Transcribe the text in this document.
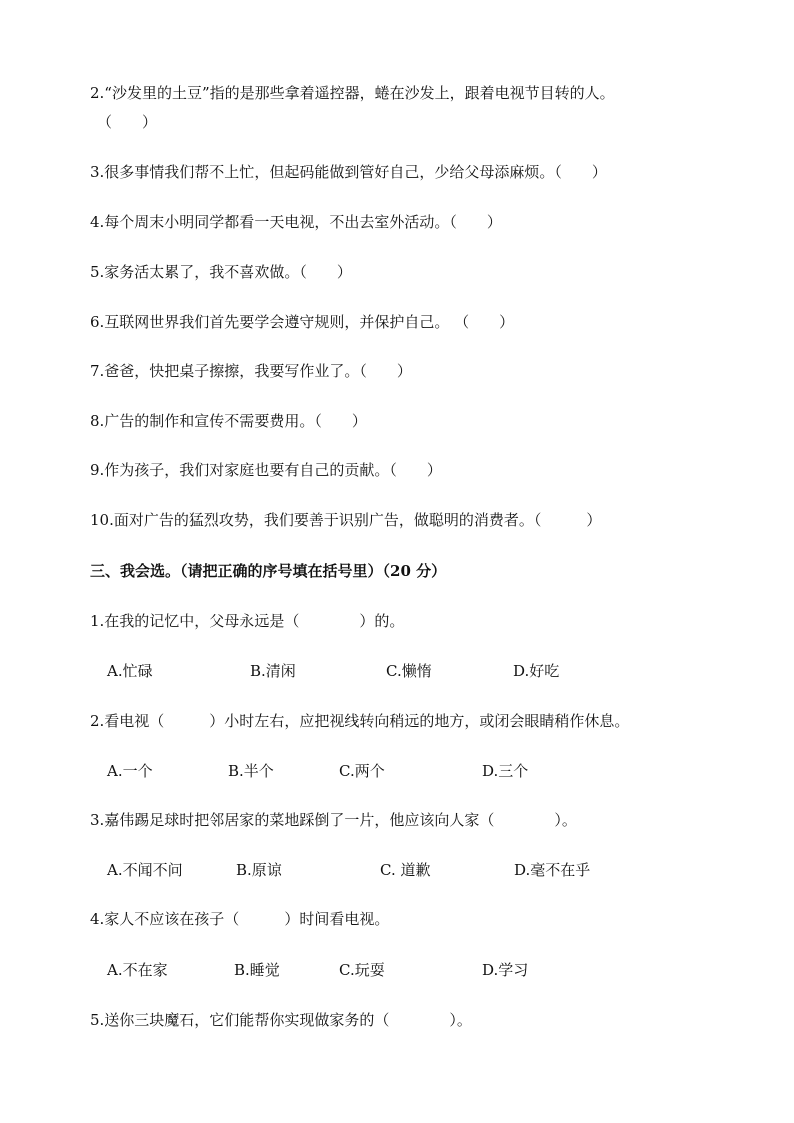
2.“沙发里的土豆”指的是那些拿着遥控器，蜷在沙发上，跟着电视节目转的人。
（　　）
3.很多事情我们帮不上忙，但起码能做到管好自己，少给父母添麻烦。（　　）
4.每个周末小明同学都看一天电视，不出去室外活动。（　　）
5.家务活太累了，我不喜欢做。（　　）
6.互联网世界我们首先要学会遵守规则，并保护自己。 （　　）
7.爸爸，快把桌子擦擦，我要写作业了。（　　）
8.广告的制作和宣传不需要费用。（　　）
9.作为孩子，我们对家庭也要有自己的贡献。（　　）
10.面对广告的猛烈攻势，我们要善于识别广告，做聪明的消费者。（　　　）
三、我会选。（请把正确的序号填在括号里）（20 分）
1.在我的记忆中，父母永远是（　　　　）的。
A.忙碌	B.清闲	C.懒惰	D.好吃
2.看电视（　　　）小时左右，应把视线转向稍远的地方，或闭会眼睛稍作休息。
A.一个	B.半个	C.两个	D.三个
3.嘉伟踢足球时把邻居家的菜地踩倒了一片，他应该向人家（　　　　）。
A.不闻不问	B.原谅	C. 道歉	D.毫不在乎
4.家人不应该在孩子（　　　）时间看电视。
A.不在家	B.睡觉	C.玩耍	D.学习
5.送你三块魔石，它们能帮你实现做家务的（　　　　）。
